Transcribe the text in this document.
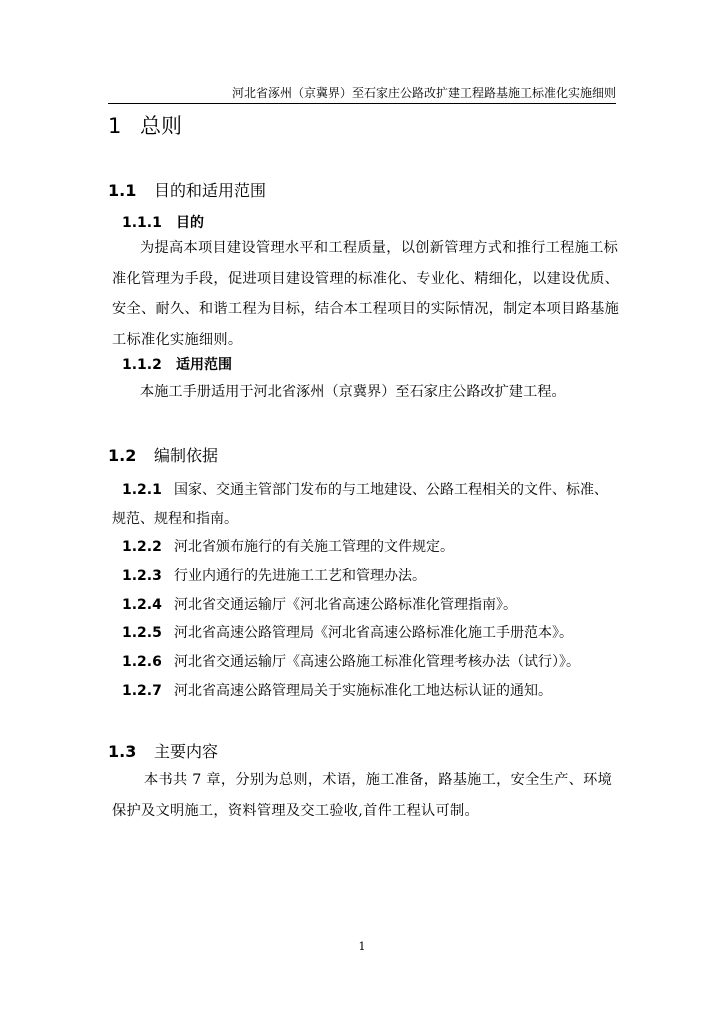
河北省涿州（京冀界）至石家庄公路改扩建工程路基施工标准化实施细则
1 总则
1.1 目的和适用范围
1.1.1 目的
为提高本项目建设管理水平和工程质量，以创新管理方式和推行工程施工标准化管理为手段，促进项目建设管理的标准化、专业化、精细化，以建设优质、安全、耐久、和谐工程为目标，结合本工程项目的实际情况，制定本项目路基施工标准化实施细则。
1.1.2 适用范围
本施工手册适用于河北省涿州（京冀界）至石家庄公路改扩建工程。
1.2 编制依据
1.2.1 国家、交通主管部门发布的与工地建设、公路工程相关的文件、标准、
规范、规程和指南。
1.2.2 河北省颁布施行的有关施工管理的文件规定。
1.2.3 行业内通行的先进施工工艺和管理办法。
1.2.4 河北省交通运输厅《河北省高速公路标准化管理指南》。
1.2.5 河北省高速公路管理局《河北省高速公路标准化施工手册范本》。
1.2.6 河北省交通运输厅《高速公路施工标准化管理考核办法（试行）》。
1.2.7 河北省高速公路管理局关于实施标准化工地达标认证的通知。
1.3 主要内容
本书共 7 章，分别为总则，术语，施工准备，路基施工，安全生产、环境保护及文明施工，资料管理及交工验收,首件工程认可制。
1
